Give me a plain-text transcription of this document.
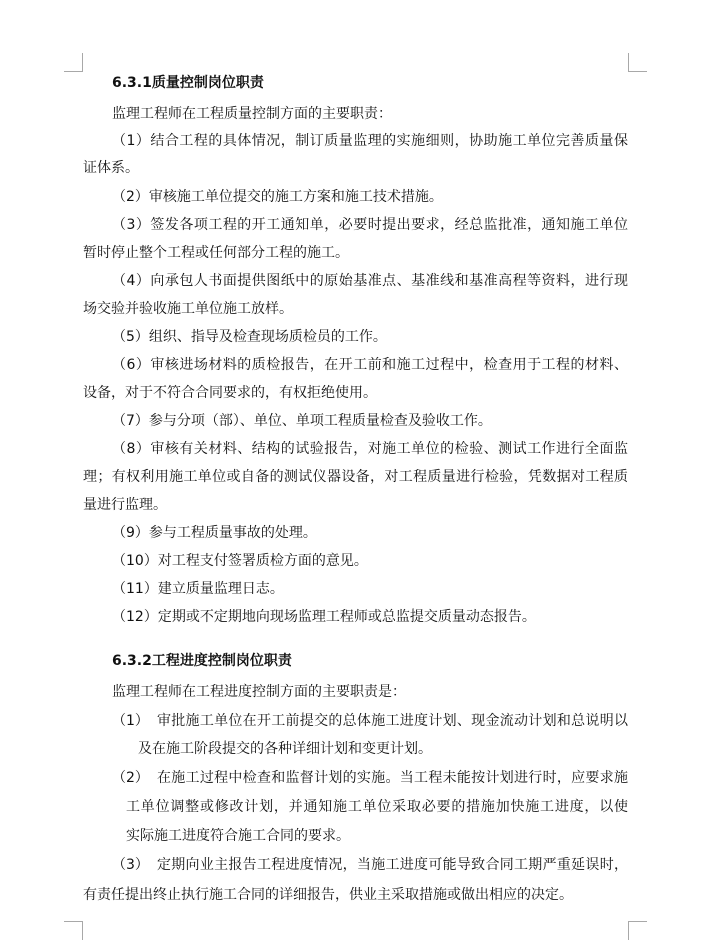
6.3.1质量控制岗位职责
监理工程师在工程质量控制方面的主要职责：
（1）结合工程的具体情况，制订质量监理的实施细则，协助施工单位完善质量保
证体系。
（2）审核施工单位提交的施工方案和施工技术措施。
（3）签发各项工程的开工通知单，必要时提出要求，经总监批准，通知施工单位
暂时停止整个工程或任何部分工程的施工。
（4）向承包人书面提供图纸中的原始基准点、基准线和基准高程等资料，进行现
场交验并验收施工单位施工放样。
（5）组织、指导及检查现场质检员的工作。
（6）审核进场材料的质检报告，在开工前和施工过程中，检查用于工程的材料、
设备，对于不符合合同要求的，有权拒绝使用。
（7）参与分项（部）、单位、单项工程质量检查及验收工作。
（8）审核有关材料、结构的试验报告，对施工单位的检验、测试工作进行全面监
理；有权利用施工单位或自备的测试仪器设备，对工程质量进行检验，凭数据对工程质
量进行监理。
（9）参与工程质量事故的处理。
（10）对工程支付签署质检方面的意见。
（11）建立质量监理日志。
（12）定期或不定期地向现场监理工程师或总监提交质量动态报告。
6.3.2工程进度控制岗位职责
监理工程师在工程进度控制方面的主要职责是：
（1） 审批施工单位在开工前提交的总体施工进度计划、现金流动计划和总说明以
及在施工阶段提交的各种详细计划和变更计划。
（2） 在施工过程中检查和监督计划的实施。当工程未能按计划进行时，应要求施
工单位调整或修改计划，并通知施工单位采取必要的措施加快施工进度，以使
实际施工进度符合施工合同的要求。
（3） 定期向业主报告工程进度情况，当施工进度可能导致合同工期严重延误时，
有责任提出终止执行施工合同的详细报告，供业主采取措施或做出相应的决定。
